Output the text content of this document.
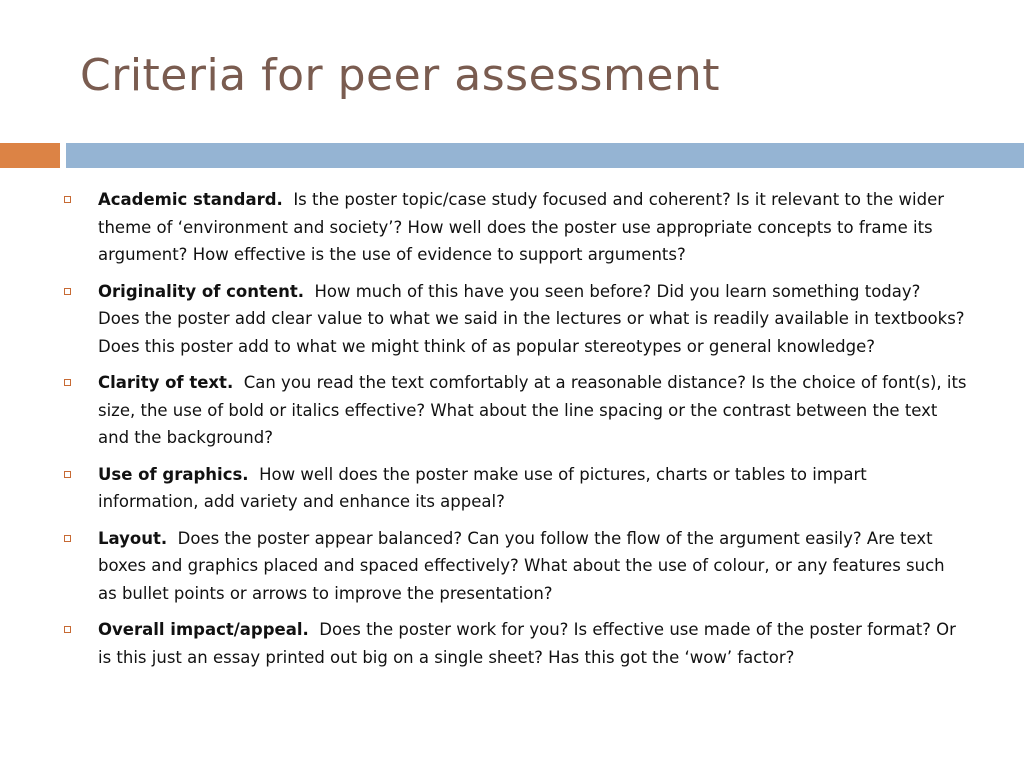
Criteria for peer assessment
Academic standard. Is the poster topic/case study focused and coherent? Is it relevant to the wider theme of ‘environment and society’? How well does the poster use appropriate concepts to frame its argument? How effective is the use of evidence to support arguments?
Originality of content. How much of this have you seen before? Did you learn something today? Does the poster add clear value to what we said in the lectures or what is readily available in textbooks? Does this poster add to what we might think of as popular stereotypes or general knowledge?
Clarity of text. Can you read the text comfortably at a reasonable distance? Is the choice of font(s), its size, the use of bold or italics effective? What about the line spacing or the contrast between the text and the background?
Use of graphics. How well does the poster make use of pictures, charts or tables to impart information, add variety and enhance its appeal?
Layout. Does the poster appear balanced? Can you follow the flow of the argument easily? Are text boxes and graphics placed and spaced effectively? What about the use of colour, or any features such as bullet points or arrows to improve the presentation?
Overall impact/appeal. Does the poster work for you? Is effective use made of the poster format? Or is this just an essay printed out big on a single sheet? Has this got the ‘wow’ factor?
